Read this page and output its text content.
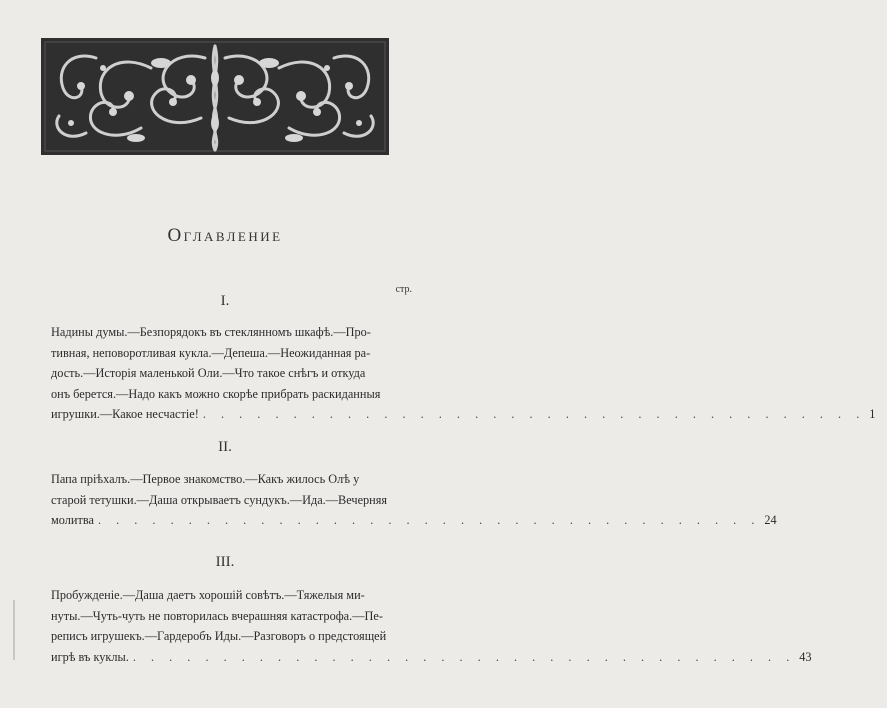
Оглавление
стр.
I.
Надины думы.—Безпорядокъ въ стеклянномъ шкафѣ.—Про-
тивная, неповоротливая кукла.—Депеша.—Неожиданная ра-
дость.—Исторія маленькой Оли.—Что такое снѣгъ и откуда
онъ берется.—Надо какъ можно скорѣе прибрать раскиданныя
игрушки.—Какое несчастіе! . . . . . . . . . . . . . . . . . . . . . . . . . . . . . . . . . . . . . 1
II.
Папа пріѣхалъ.—Первое знакомство.—Какъ жилось Олѣ у
старой тетушки.—Даша открываетъ сундукъ.—Ида.—Вечерняя
молитва . . . . . . . . . . . . . . . . . . . . . . . . . . . . . . . . . . . . . 24
III.
Пробужденіе.—Даша даетъ хорошій совѣтъ.—Тяжелыя ми-
нуты.—Чуть-чуть не повторилась вчерашняя катастрофа.—Пе-
реписъ игрушекъ.—Гардеробъ Иды.—Разговоръ о предстоящей
игрѣ въ куклы. . . . . . . . . . . . . . . . . . . . . . . . . . . . . . . . . . . . . . 43
